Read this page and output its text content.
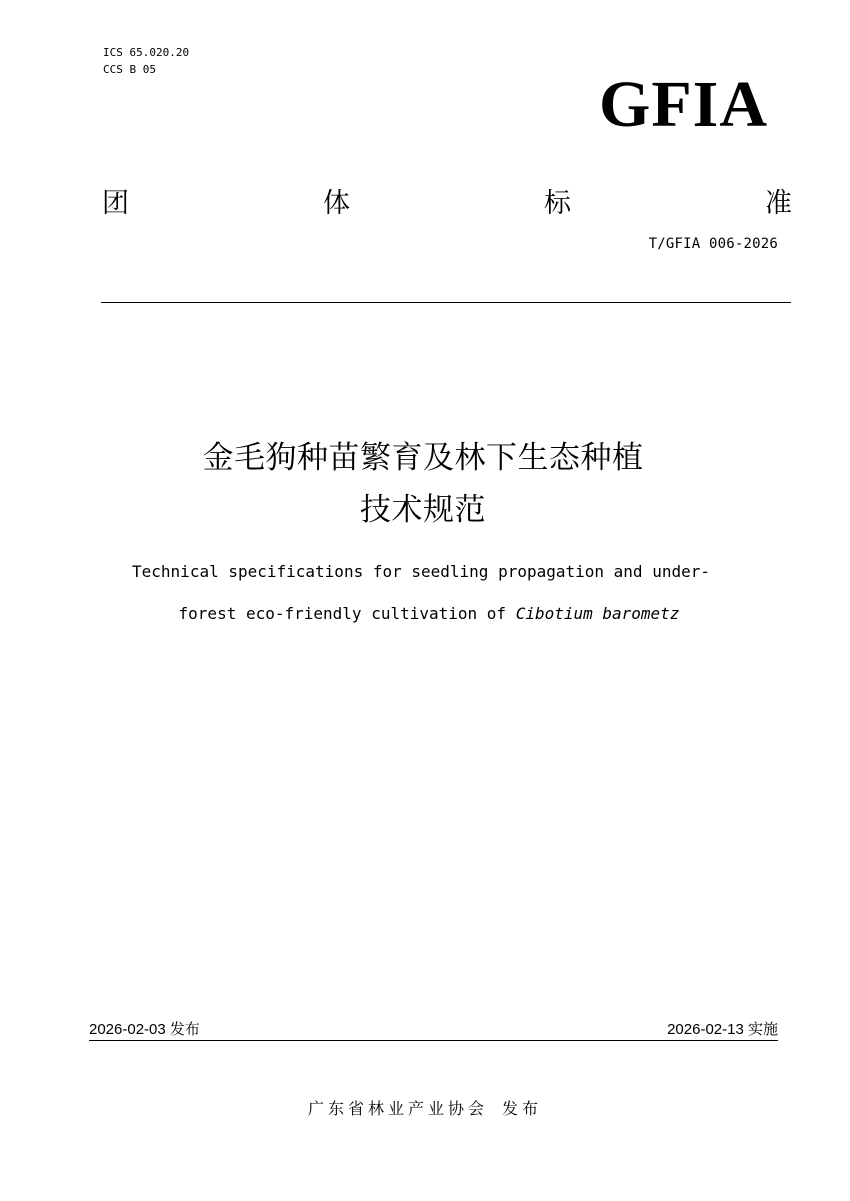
ICS 65.020.20
CCS B 05	GFIA
团	体	标	准
T/GFIA 006-2026
金毛狗种苗繁育及林下生态种植
技术规范
Technical specifications for seedling propagation and under-
forest eco-friendly cultivation of Cibotium barometz
2026-02-03 发布	2026-02-13 实施
广东省林业产业协会 发布
